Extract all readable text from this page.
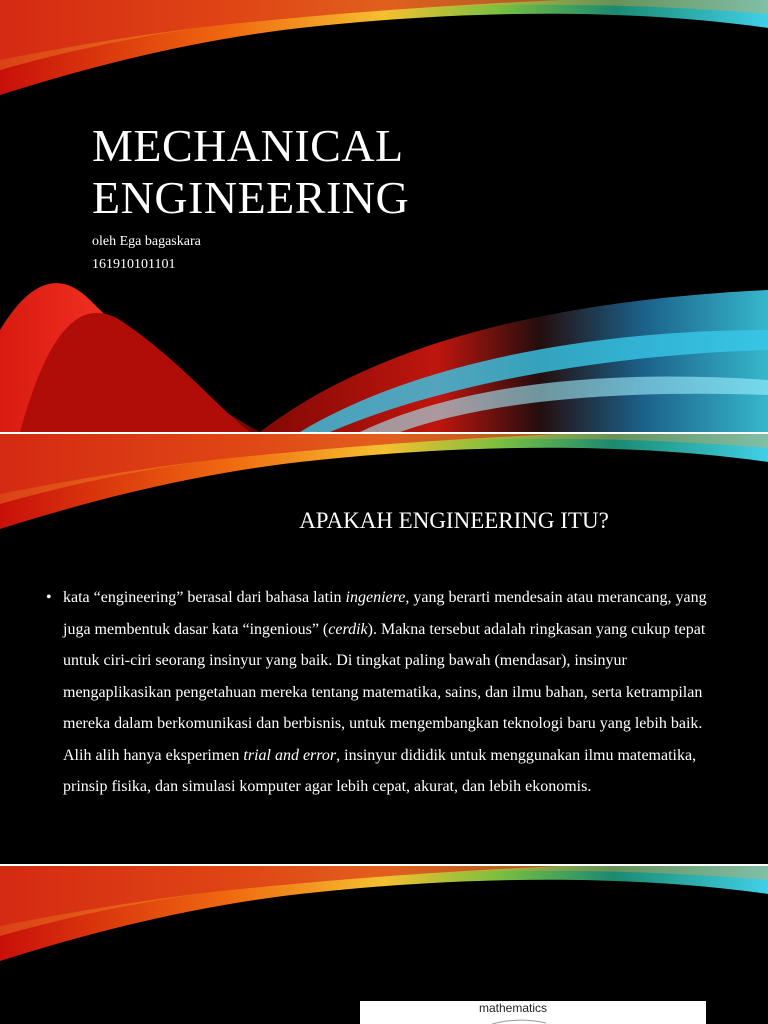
MECHANICAL
ENGINEERING
oleh Ega bagaskara
161910101101
APAKAH ENGINEERING ITU?
• kata “engineering” berasal dari bahasa latin ingeniere, yang berarti mendesain atau merancang, yang juga membentuk dasar kata “ingenious” (cerdik). Makna tersebut adalah ringkasan yang cukup tepat untuk ciri-ciri seorang insinyur yang baik. Di tingkat paling bawah (mendasar), insinyur mengaplikasikan pengetahuan mereka tentang matematika, sains, dan ilmu bahan, serta ketrampilan mereka dalam berkomunikasi dan berbisnis, untuk mengembangkan teknologi baru yang lebih baik. Alih alih hanya eksperimen trial and error, insinyur dididik untuk menggunakan ilmu matematika, prinsip fisika, dan simulasi komputer agar lebih cepat, akurat, dan lebih ekonomis.
mathematics
